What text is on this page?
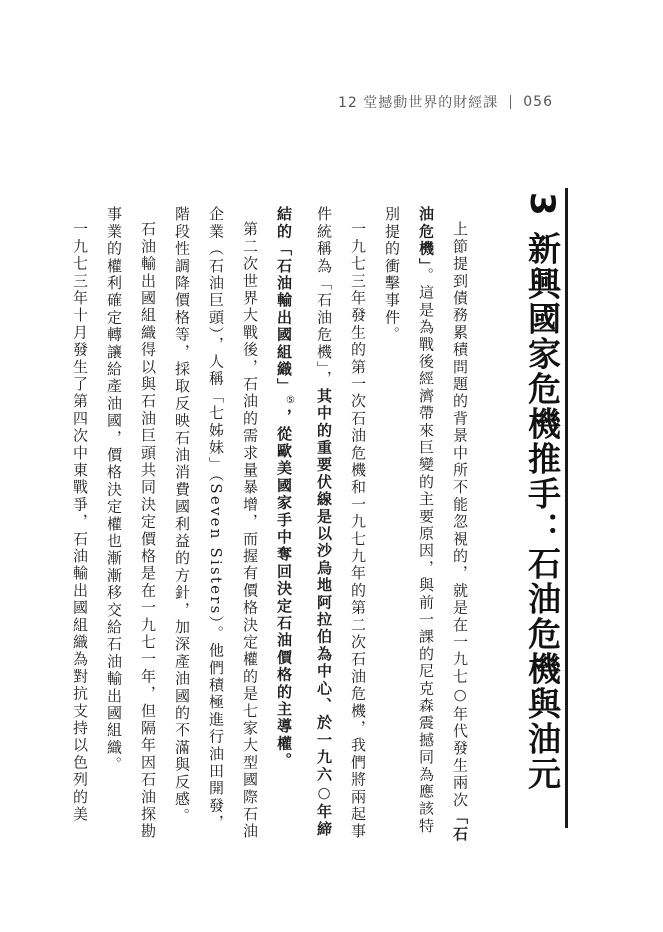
12 堂撼動世界的財經課 056
3新興國家危機推手：石油危機與油元

上節提到債務累積問題的背景中所不能忽視的，就是在一九七○年代發生兩次「石油危機」。這是為戰後經濟帶來巨變的主要原因，與前一課的尼克森震撼同為應該特別提的衝擊事件。

一九七三年發生的第一次石油危機和一九七九年的第二次石油危機，我們將兩起事件統稱為「石油危機」，其中的重要伏線是以沙烏地阿拉伯為中心、於一九六○年締結的「石油輸出國組織」⑤，從歐美國家手中奪回決定石油價格的主導權。

第二次世界大戰後，石油的需求量暴增，而握有價格決定權的是七家大型國際石油企業（石油巨頭），人稱「七姊妹」（Seven Sisters）。他們積極進行油田開發，階段性調降價格等，採取反映石油消費國利益的方針，加深產油國的不滿與反感。

石油輸出國組織得以與石油巨頭共同決定價格是在一九七一年，但隔年因石油探勘事業的權利確定轉讓給產油國，價格決定權也漸漸移交給石油輸出國組織。

一九七三年十月發生了第四次中東戰爭，石油輸出國組織為對抗支持以色列的美
